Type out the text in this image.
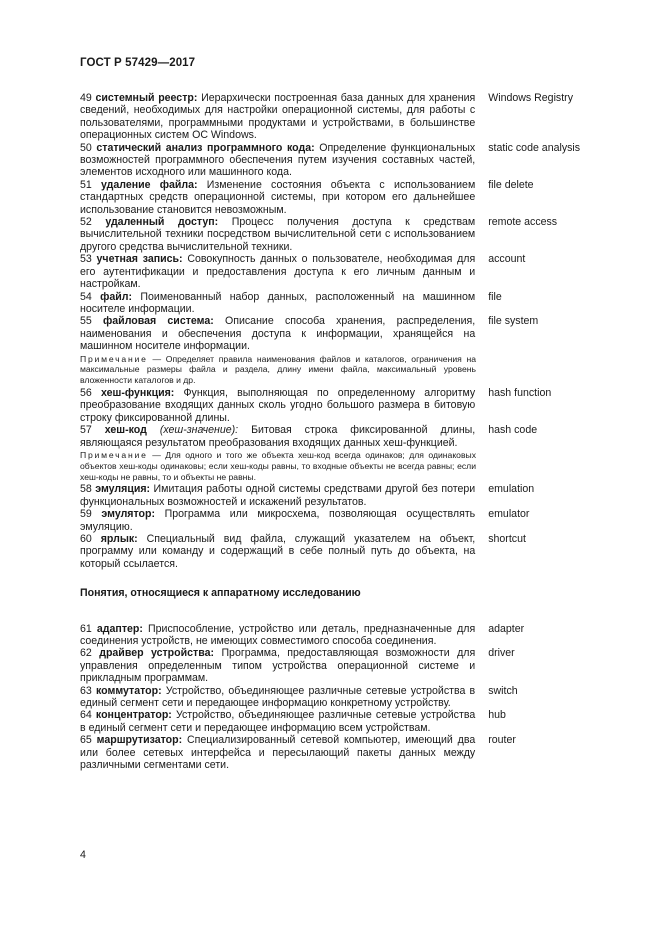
ГОСТ Р 57429—2017
49 системный реестр: Иерархически построенная база данных для хранения сведений, необходимых для настройки операционной системы, для работы с пользователями, программными продуктами и устройствами, в большинстве операционных систем ОС Windows.
Windows Registry
50 статический анализ программного кода: Определение функциональных возможностей программного обеспечения путем изучения составных частей, элементов исходного или машинного кода.
static code analysis
51 удаление файла: Изменение состояния объекта с использованием стандартных средств операционной системы, при котором его дальнейшее использование становится невозможным.
file delete
52 удаленный доступ: Процесс получения доступа к средствам вычислительной техники посредством вычислительной сети с использованием другого средства вычислительной техники.
remote access
53 учетная запись: Совокупность данных о пользователе, необходимая для его аутентификации и предоставления доступа к его личным данным и настройкам.
account
54 файл: Поименованный набор данных, расположенный на машинном носителе информации.
file
55 файловая система: Описание способа хранения, распределения, наименования и обеспечения доступа к информации, хранящейся на машинном носителе информации.
file system
Примечание — Определяет правила наименования файлов и каталогов, ограничения на максимальные размеры файла и раздела, длину имени файла, максимальный уровень вложенности каталогов и др.
56 хеш-функция: Функция, выполняющая по определенному алгоритму преобразование входящих данных сколь угодно большого размера в битовую строку фиксированной длины.
hash function
57 хеш-код (хеш-значение): Битовая строка фиксированной длины, являющаяся результатом преобразования входящих данных хеш-функцией.
hash code
Примечание — Для одного и того же объекта хеш-код всегда одинаков; для одинаковых объектов хеш-коды одинаковы; если хеш-коды равны, то входные объекты не всегда равны; если хеш-коды не равны, то и объекты не равны.
58 эмуляция: Имитация работы одной системы средствами другой без потери функциональных возможностей и искажений результатов.
emulation
59 эмулятор: Программа или микросхема, позволяющая осуществлять эмуляцию.
emulator
60 ярлык: Специальный вид файла, служащий указателем на объект, программу или команду и содержащий в себе полный путь до объекта, на который ссылается.
shortcut
Понятия, относящиеся к аппаратному исследованию
61 адаптер: Приспособление, устройство или деталь, предназначенные для соединения устройств, не имеющих совместимого способа соединения.
adapter
62 драйвер устройства: Программа, предоставляющая возможности для управления определенным типом устройства операционной системе и прикладным программам.
driver
63 коммутатор: Устройство, объединяющее различные сетевые устройства в единый сегмент сети и передающее информацию конкретному устройству.
switch
64 концентратор: Устройство, объединяющее различные сетевые устройства в единый сегмент сети и передающее информацию всем устройствам.
hub
65 маршрутизатор: Специализированный сетевой компьютер, имеющий два или более сетевых интерфейса и пересылающий пакеты данных между различными сегментами сети.
router
4
